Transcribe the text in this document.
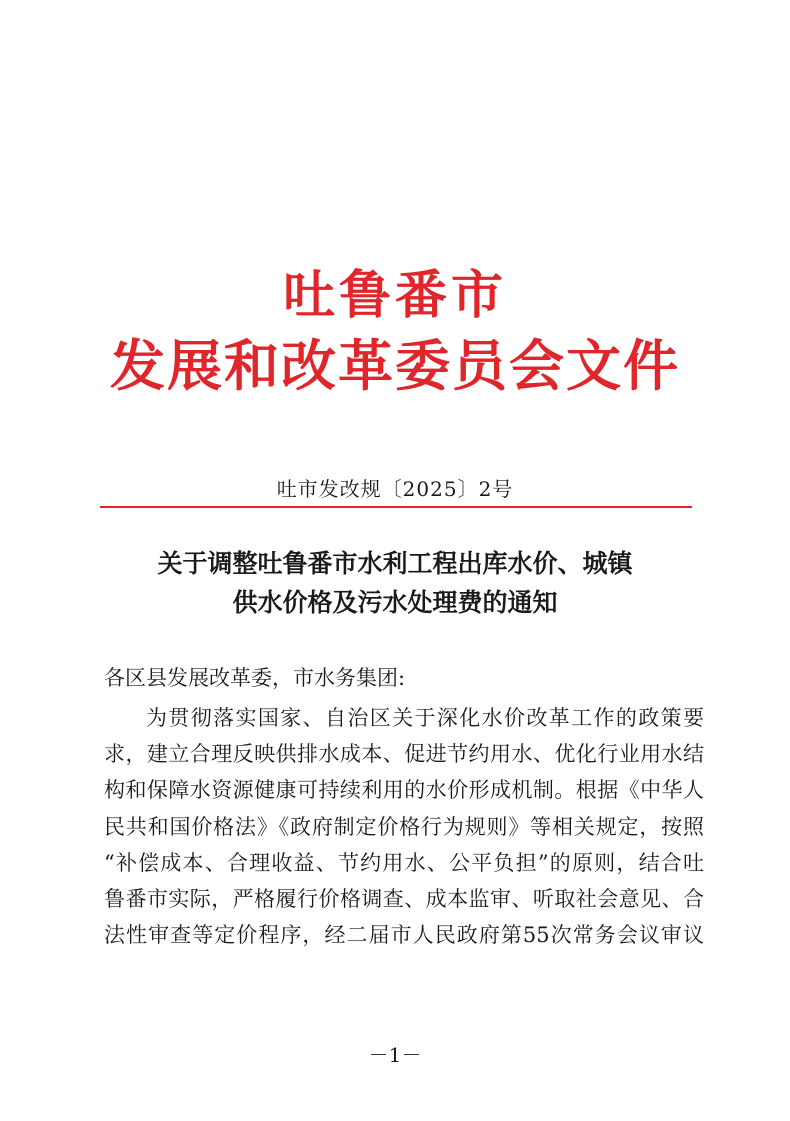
吐鲁番市
发展和改革委员会文件
吐市发改规〔2025〕2号
关于调整吐鲁番市水利工程出库水价、城镇
供水价格及污水处理费的通知
各区县发展改革委，市水务集团:
为贯彻落实国家、自治区关于深化水价改革工作的政策要
求，建立合理反映供排水成本、促进节约用水、优化行业用水结
构和保障水资源健康可持续利用的水价形成机制。根据《中华人
民共和国价格法》《政府制定价格行为规则》等相关规定，按照
“补偿成本、合理收益、节约用水、公平负担”的原则，结合吐
鲁番市实际，严格履行价格调查、成本监审、听取社会意见、合
法性审查等定价程序，经二届市人民政府第55次常务会议审议
－1－
